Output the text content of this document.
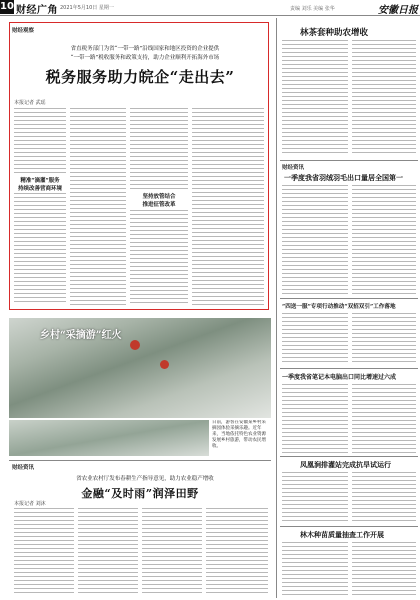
10 财经广角 2021年5月10日 星期一	责编 刘乐 美编 张华	安徽日报
财经观察
省直税务部门为省“一带一路”沿线国家和地区投资的企业提供
“一带一路”税收服务和政策支持，助力企业顺利开拓海外市场
税务服务助力皖企“走出去”
本报记者 武瑶
精准“滴灌”服务
持续改善营商环境
坚持放管结合
推进征管改革
乡村“采摘游”红火
日前，游客在安徽某乡村采摘园体验采摘乐趣。近年来，当地依托特色农业资源发展乡村旅游，带动农民增收。
财经资讯
省农业农村厅发布春耕生产指导意见，助力农业稳产增收
金融“及时雨”润泽田野
本报记者 刘沐
林茶套种助农增收
财经资讯
一季度我省羽绒羽毛出口量居全国第一
“四送一服”专项行动推动“双招双引”工作落地
一季度我省笔记本电脑出口同比增速过六成
凤凰涧排灌站完成抗旱试运行
林木种苗质量抽查工作开展
